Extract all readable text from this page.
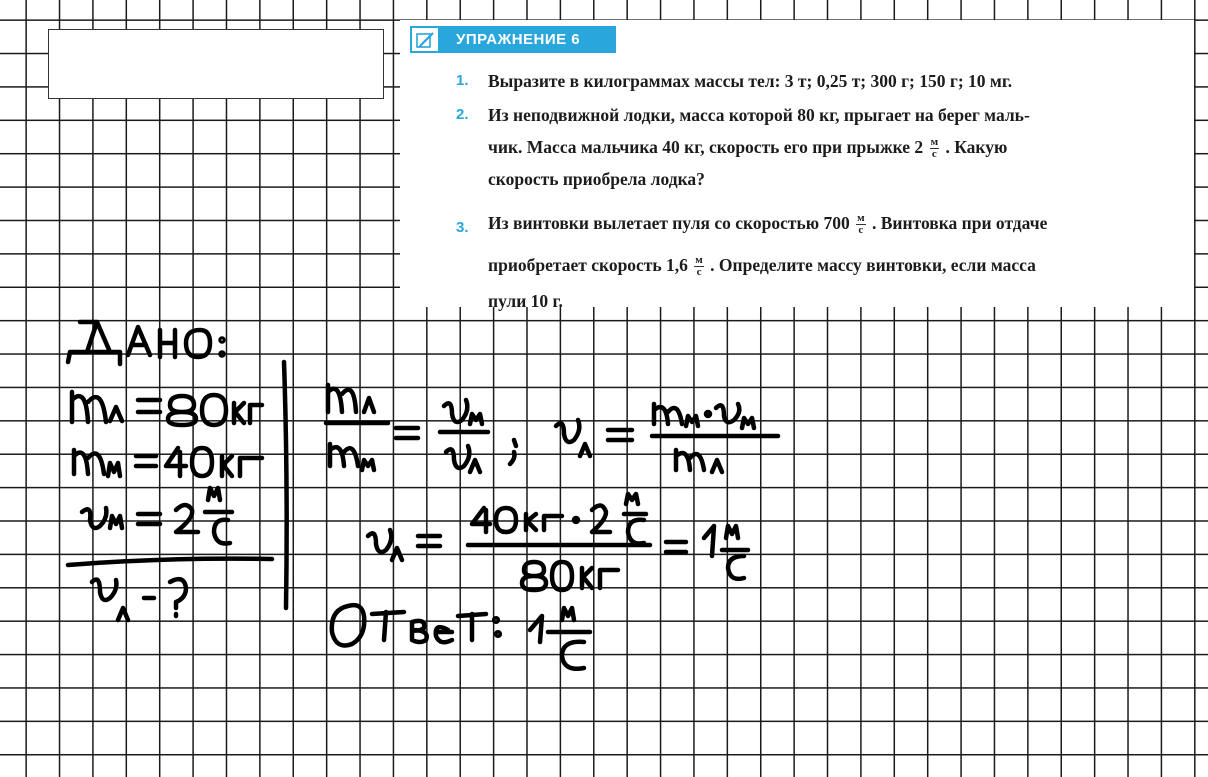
УПРАЖНЕНИЕ 6
1. Выразите в килограммах массы тел: 3 т; 0,25 т; 300 г; 150 г; 10 мг.
2. Из неподвижной лодки, масса которой 80 кг, прыгает на берег маль-
чик. Масса мальчика 40 кг, скорость его при прыжке $2 \frac{м}{с}$ . Какую
скорость приобрела лодка?
3. Из винтовки вылетает пуля со скоростью $700 \frac{м}{с}$ . Винтовка при отдаче
приобретает скорость $1,6 \frac{м}{с}$ . Определите массу винтовки, если масса
пули 10 г.
